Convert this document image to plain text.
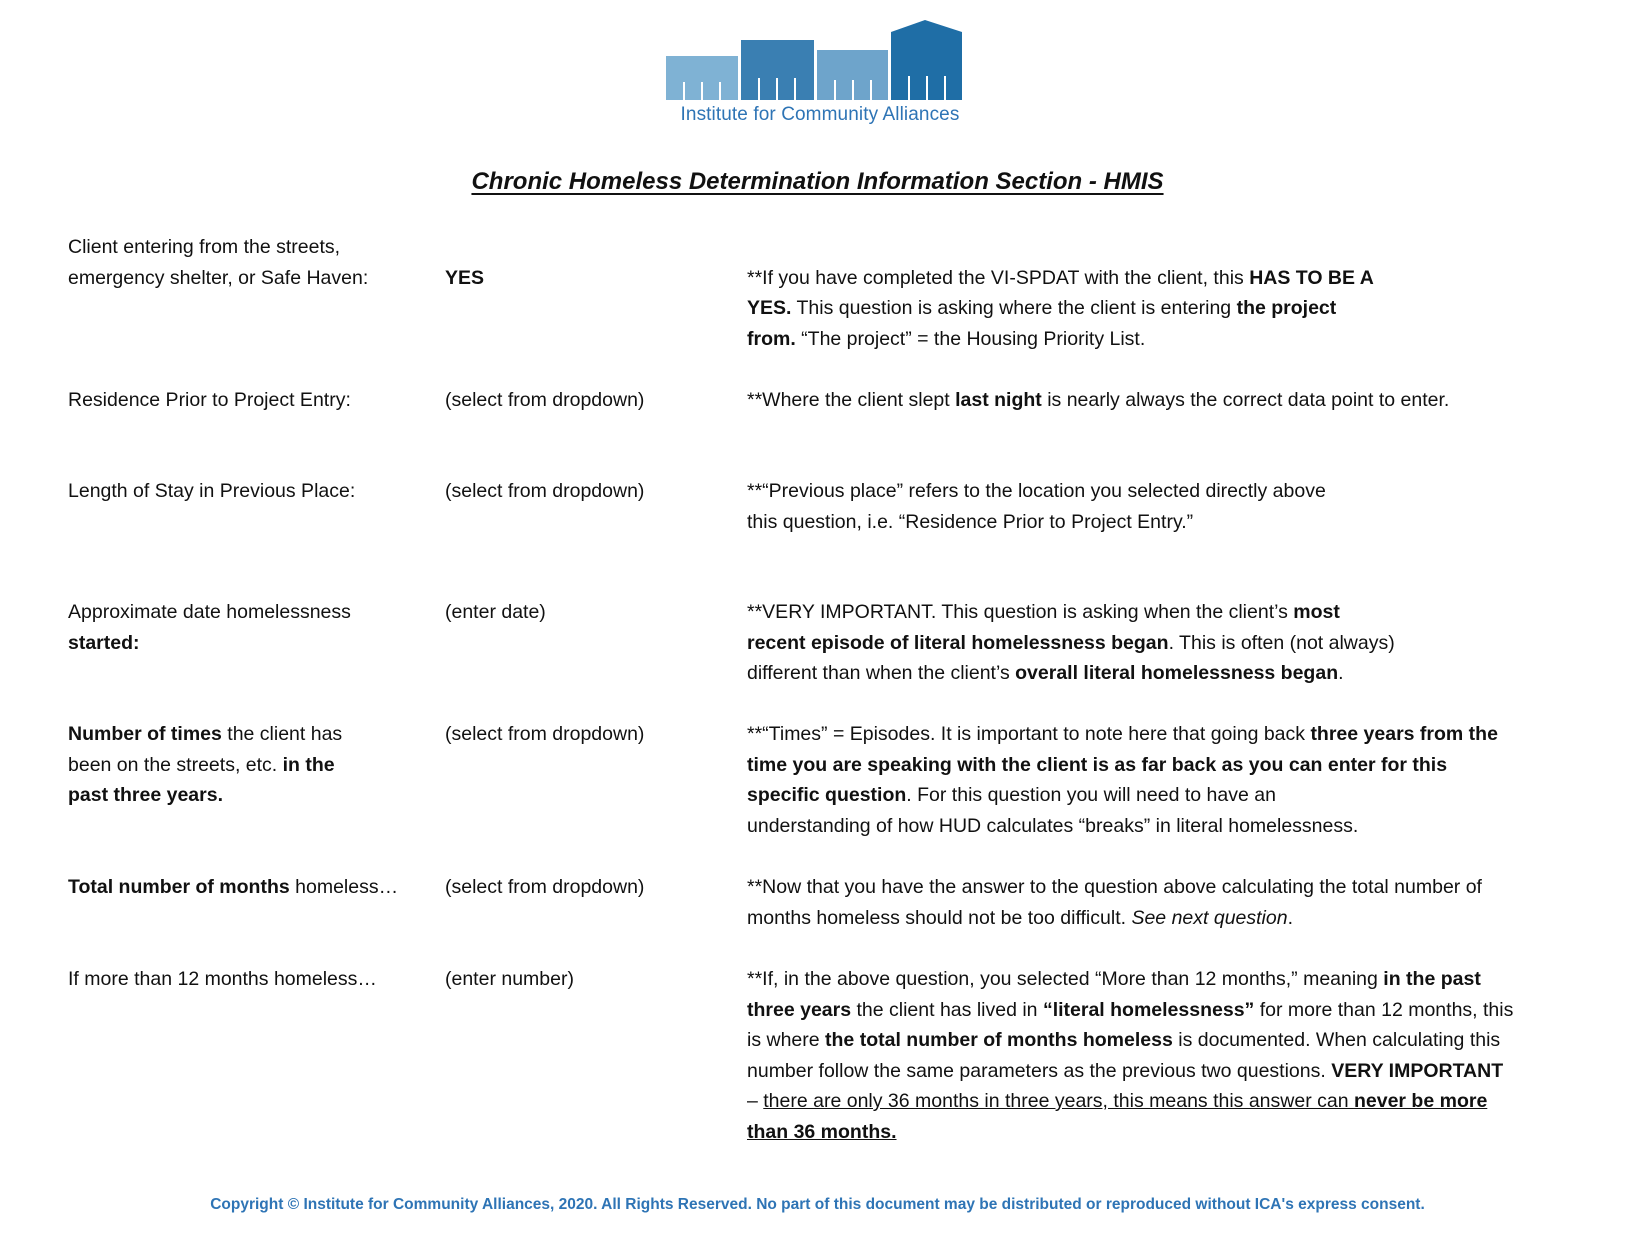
Institute for Community Alliances
Chronic Homeless Determination Information Section - HMIS
Client entering from the streets,
emergency shelter, or Safe Haven:	YES	**If you have completed the VI-SPDAT with the client, this HAS TO BE A
YES. This question is asking where the client is entering the project
from. “The project” = the Housing Priority List.
Residence Prior to Project Entry:	(select from dropdown)	**Where the client slept last night is nearly always the correct data point to enter.
Length of Stay in Previous Place:	(select from dropdown)	**“Previous place” refers to the location you selected directly above
this question, i.e. “Residence Prior to Project Entry.”
Approximate date homelessness
started:
(enter date)	**VERY IMPORTANT. This question is asking when the client’s most
recent episode of literal homelessness began. This is often (not always)
different than when the client’s overall literal homelessness began.
Number of times the client has
been on the streets, etc. in the
past three years.
(select from dropdown)	**“Times” = Episodes. It is important to note here that going back three years from the
time you are speaking with the client is as far back as you can enter for this
specific question. For this question you will need to have an
understanding of how HUD calculates “breaks” in literal homelessness.
Total number of months homeless…	(select from dropdown)	**Now that you have the answer to the question above calculating the total number of
months homeless should not be too difficult. See next question.
If more than 12 months homeless…	(enter number)	**If, in the above question, you selected “More than 12 months,” meaning in the past
three years the client has lived in “literal homelessness” for more than 12 months, this
is where the total number of months homeless is documented. When calculating this
number follow the same parameters as the previous two questions. VERY IMPORTANT
– there are only 36 months in three years, this means this answer can never be more
than 36 months.
Copyright © Institute for Community Alliances, 2020. All Rights Reserved. No part of this document may be distributed or reproduced without ICA's express consent.
